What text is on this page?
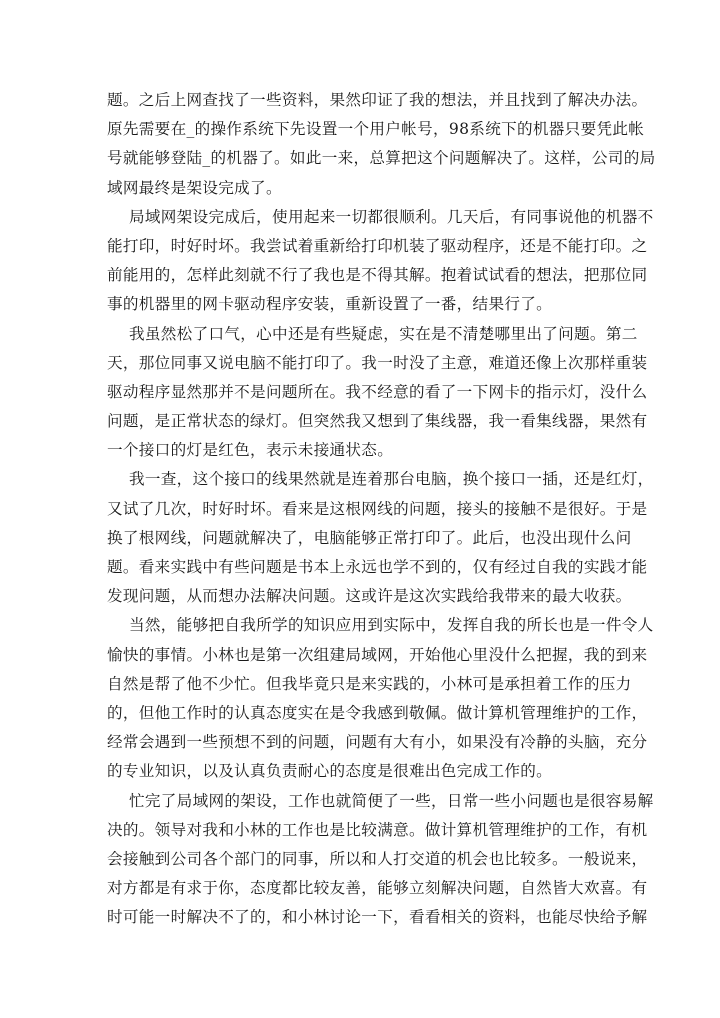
题。之后上网查找了一些资料，果然印证了我的想法，并且找到了解决办法。
原先需要在_的操作系统下先设置一个用户帐号，98系统下的机器只要凭此帐
号就能够登陆_的机器了。如此一来，总算把这个问题解决了。这样，公司的局
域网最终是架设完成了。
局域网架设完成后，使用起来一切都很顺利。几天后，有同事说他的机器不
能打印，时好时坏。我尝试着重新给打印机装了驱动程序，还是不能打印。之
前能用的，怎样此刻就不行了我也是不得其解。抱着试试看的想法，把那位同
事的机器里的网卡驱动程序安装，重新设置了一番，结果行了。
我虽然松了口气，心中还是有些疑虑，实在是不清楚哪里出了问题。第二
天，那位同事又说电脑不能打印了。我一时没了主意，难道还像上次那样重装
驱动程序显然那并不是问题所在。我不经意的看了一下网卡的指示灯，没什么
问题，是正常状态的绿灯。但突然我又想到了集线器，我一看集线器，果然有
一个接口的灯是红色，表示未接通状态。
我一查，这个接口的线果然就是连着那台电脑，换个接口一插，还是红灯，
又试了几次，时好时坏。看来是这根网线的问题，接头的接触不是很好。于是
换了根网线，问题就解决了，电脑能够正常打印了。此后，也没出现什么问
题。看来实践中有些问题是书本上永远也学不到的，仅有经过自我的实践才能
发现问题，从而想办法解决问题。这或许是这次实践给我带来的最大收获。
当然，能够把自我所学的知识应用到实际中，发挥自我的所长也是一件令人
愉快的事情。小林也是第一次组建局域网，开始他心里没什么把握，我的到来
自然是帮了他不少忙。但我毕竟只是来实践的，小林可是承担着工作的压力
的，但他工作时的认真态度实在是令我感到敬佩。做计算机管理维护的工作，
经常会遇到一些预想不到的问题，问题有大有小，如果没有冷静的头脑，充分
的专业知识，以及认真负责耐心的态度是很难出色完成工作的。
忙完了局域网的架设，工作也就简便了一些，日常一些小问题也是很容易解
决的。领导对我和小林的工作也是比较满意。做计算机管理维护的工作，有机
会接触到公司各个部门的同事，所以和人打交道的机会也比较多。一般说来，
对方都是有求于你，态度都比较友善，能够立刻解决问题，自然皆大欢喜。有
时可能一时解决不了的，和小林讨论一下，看看相关的资料，也能尽快给予解
